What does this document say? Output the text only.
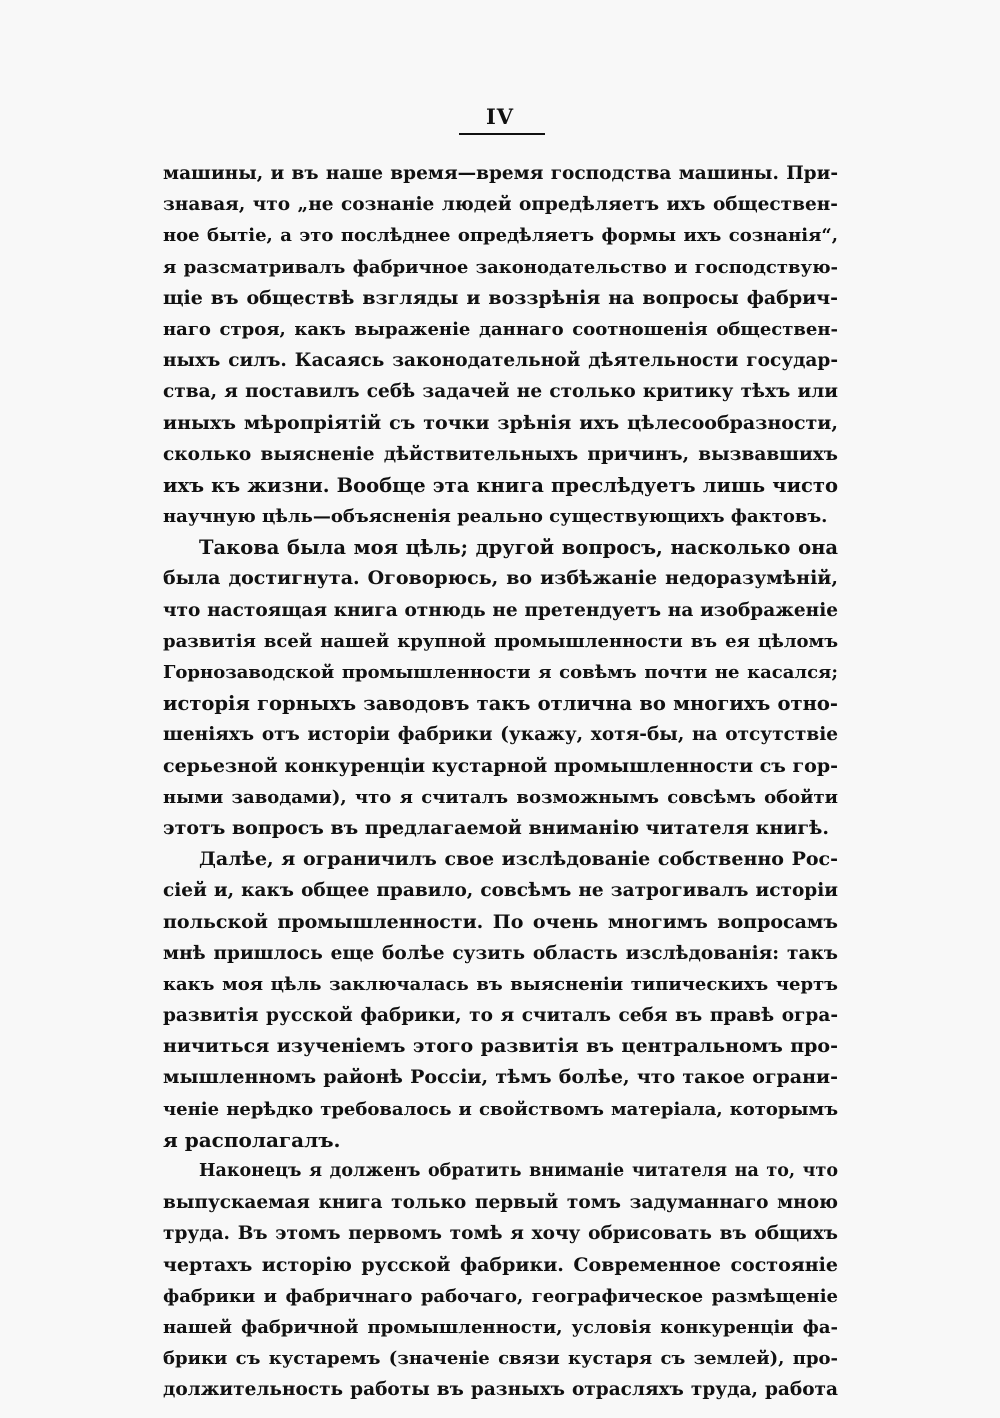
IV
машины, и въ наше время—время господства машины. При-
знавая, что „не сознаніе людей опредѣляетъ ихъ обществен-
ное бытіе, а это послѣднее опредѣляетъ формы ихъ сознанія“,
я разсматривалъ фабричное законодательство и господствую-
щіе въ обществѣ взгляды и воззрѣнія на вопросы фабрич-
наго строя, какъ выраженіе даннаго соотношенія обществен-
ныхъ силъ. Касаясь законодательной дѣятельности государ-
ства, я поставилъ себѣ задачей не столько критику тѣхъ или
иныхъ мѣропріятій съ точки зрѣнія ихъ цѣлесообразности,
сколько выясненіе дѣйствительныхъ причинъ, вызвавшихъ
ихъ къ жизни. Вообще эта книга преслѣдуетъ лишь чисто
научную цѣль—объясненія реально существующихъ фактовъ.
Такова была моя цѣль; другой вопросъ, насколько она
была достигнута. Оговорюсь, во избѣжаніе недоразумѣній,
что настоящая книга отнюдь не претендуетъ на изображеніе
развитія всей нашей крупной промышленности въ ея цѣломъ
Горнозаводской промышленности я совѣмъ почти не касался;
исторія горныхъ заводовъ такъ отлична во многихъ отно-
шеніяхъ отъ исторіи фабрики (укажу, хотя-бы, на отсутствіе
серьезной конкуренціи кустарной промышленности съ гор-
ными заводами), что я считалъ возможнымъ совсѣмъ обойти
этотъ вопросъ въ предлагаемой вниманію читателя книгѣ.
Далѣе, я ограничилъ свое изслѣдованіе собственно Рос-
сіей и, какъ общее правило, совсѣмъ не затрогивалъ исторіи
польской промышленности. По очень многимъ вопросамъ
мнѣ пришлось еще болѣе сузить область изслѣдованія: такъ
какъ моя цѣль заключалась въ выясненіи типическихъ чертъ
развитія русской фабрики, то я считалъ себя въ правѣ огра-
ничиться изученіемъ этого развитія въ центральномъ про-
мышленномъ районѣ Россіи, тѣмъ болѣе, что такое ограни-
ченіе нерѣдко требовалось и свойствомъ матеріала, которымъ
я располагалъ.
Наконецъ я долженъ обратить вниманіе читателя на то, что
выпускаемая книга только первый томъ задуманнаго мною
труда. Въ этомъ первомъ томѣ я хочу обрисовать въ общихъ
чертахъ исторію русской фабрики. Современное состояніе
фабрики и фабричнаго рабочаго, географическое размѣщеніе
нашей фабричной промышленности, условія конкуренціи фа-
брики съ кустаремъ (значеніе связи кустаря съ землей), про-
должительность работы въ разныхъ отрасляхъ труда, работа
